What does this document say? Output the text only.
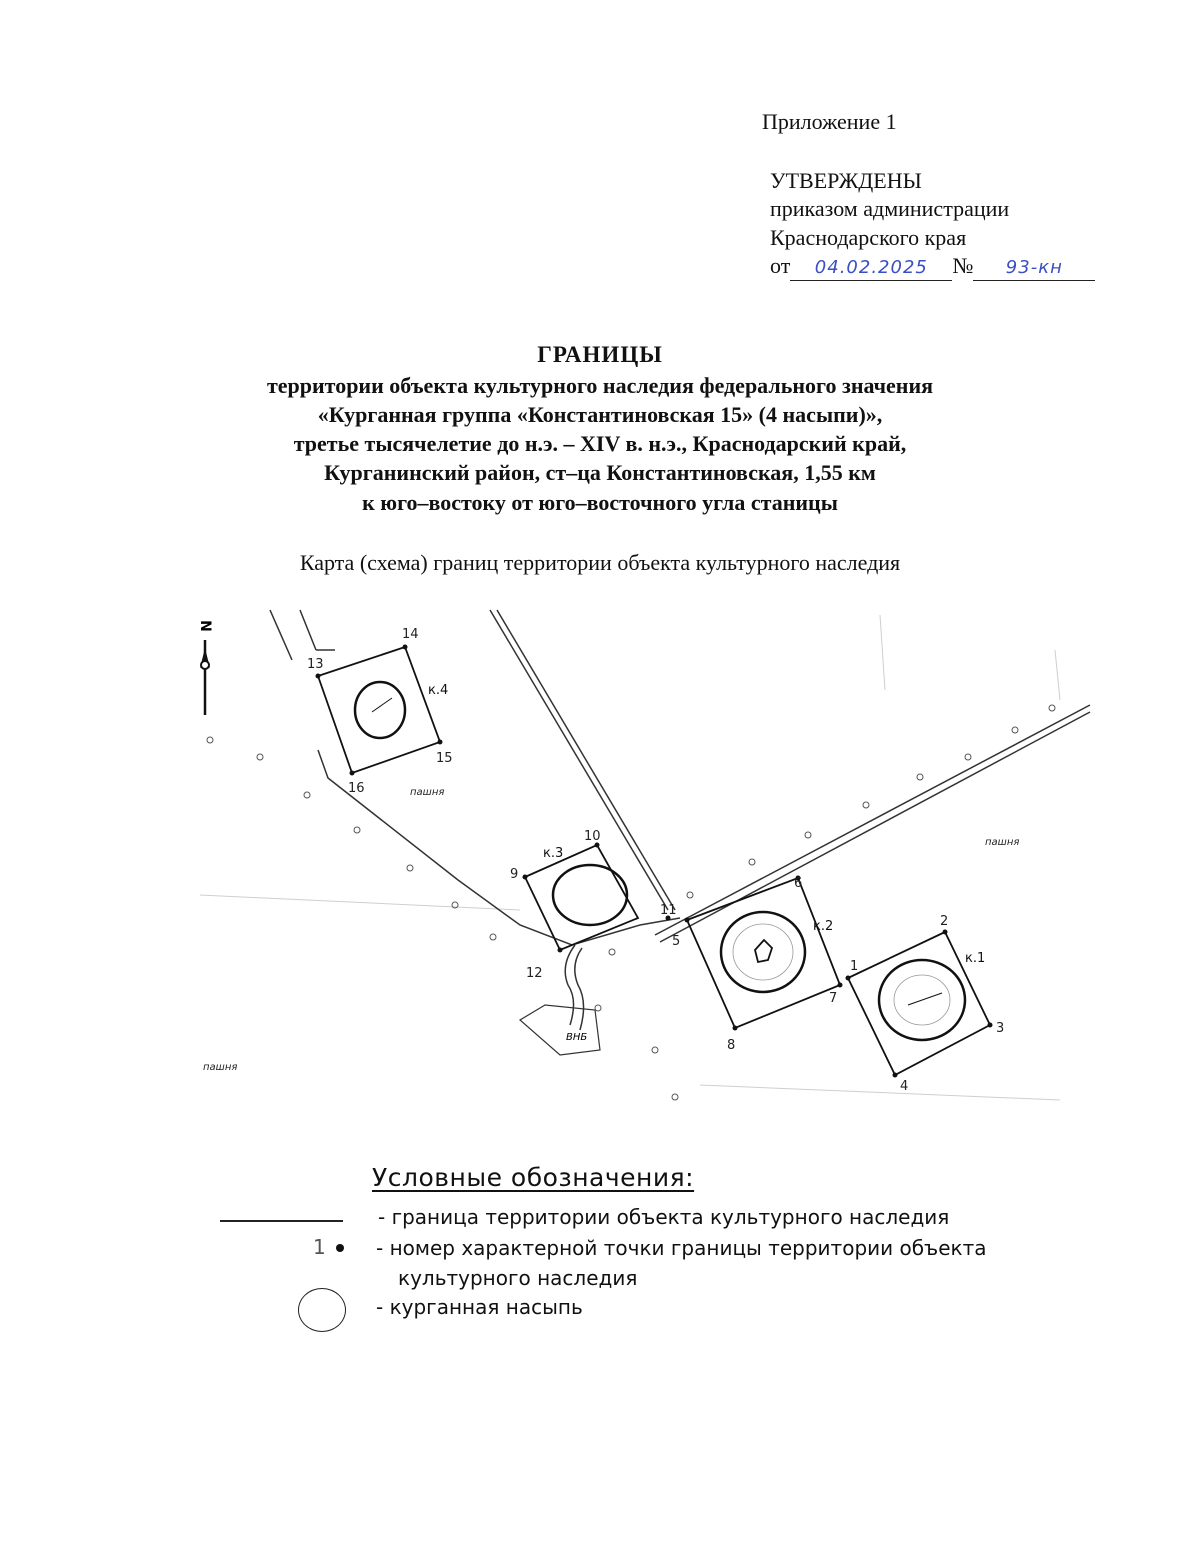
Приложение 1
УТВЕРЖДЕНЫ
приказом администрации
Краснодарского края
от 04.02.2025 № 93-кн
ГРАНИЦЫ
территории объекта культурного наследия федерального значения
«Курганная группа «Константиновская 15» (4 насыпи)»,
третье тысячелетие до н.э. – XIV в. н.э., Краснодарский край,
Курганинский район, ст–ца Константиновская, 1,55 км
к юго–востоку от юго–восточного угла станицы
Карта (схема) границ территории объекта культурного наследия
N
ВНБ
1
2
3
4
5
6
7
8
9
10
11
12
13
14
15
16
к.1
к.2
к.3
к.4
пашня
пашня
пашня
Условные обозначения:
- граница территории объекта культурного наследия
1	- номер характерной точки границы территории объекта
культурного наследия
- курганная насыпь
